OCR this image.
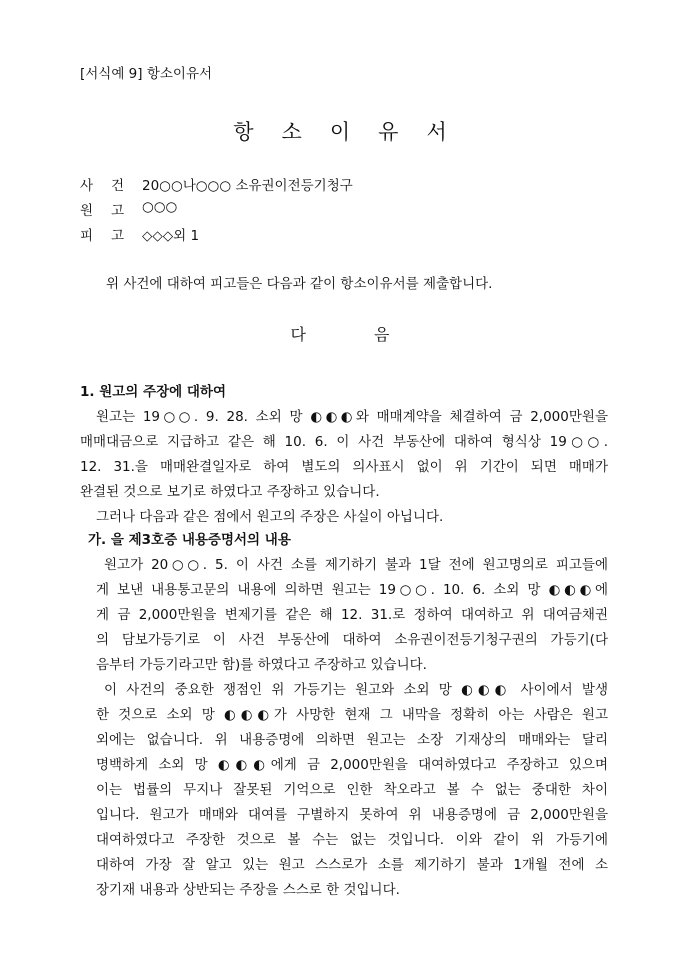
[서식예 9] 항소이유서
항 소 이 유 서
사 건	20○○나○○○ 소유권이전등기청구
원 고	○○○
피 고	◇◇◇외 1
위 사건에 대하여 피고들은 다음과 같이 항소이유서를 제출합니다.
다	음
1. 원고의 주장에 대하여
원고는 19○○. 9. 28. 소외 망 ◐◐◐와 매매계약을 체결하여 금 2,000만원을
매매대금으로 지급하고 같은 해 10. 6. 이 사건 부동산에 대하여 형식상 19○○.
12. 31.을 매매완결일자로 하여 별도의 의사표시 없이 위 기간이 되면 매매가
완결된 것으로 보기로 하였다고 주장하고 있습니다.
그러나 다음과 같은 점에서 원고의 주장은 사실이 아닙니다.
가. 을 제3호증 내용증명서의 내용
원고가 20○○. 5. 이 사건 소를 제기하기 불과 1달 전에 원고명의로 피고들에
게 보낸 내용통고문의 내용에 의하면 원고는 19○○. 10. 6. 소외 망 ◐◐◐에
게 금 2,000만원을 변제기를 같은 해 12. 31.로 정하여 대여하고 위 대여금채권
의 담보가등기로 이 사건 부동산에 대하여 소유권이전등기청구권의 가등기(다
음부터 가등기라고만 함)를 하였다고 주장하고 있습니다.
이 사건의 중요한 쟁점인 위 가등기는 원고와 소외 망 ◐◐◐ 사이에서 발생
한 것으로 소외 망 ◐◐◐가 사망한 현재 그 내막을 정확히 아는 사람은 원고
외에는 없습니다. 위 내용증명에 의하면 원고는 소장 기재상의 매매와는 달리
명백하게 소외 망 ◐◐◐에게 금 2,000만원을 대여하였다고 주장하고 있으며
이는 법률의 무지나 잘못된 기억으로 인한 착오라고 볼 수 없는 중대한 차이
입니다. 원고가 매매와 대여를 구별하지 못하여 위 내용증명에 금 2,000만원을
대여하였다고 주장한 것으로 볼 수는 없는 것입니다. 이와 같이 위 가등기에
대하여 가장 잘 알고 있는 원고 스스로가 소를 제기하기 불과 1개월 전에 소
장기재 내용과 상반되는 주장을 스스로 한 것입니다.
